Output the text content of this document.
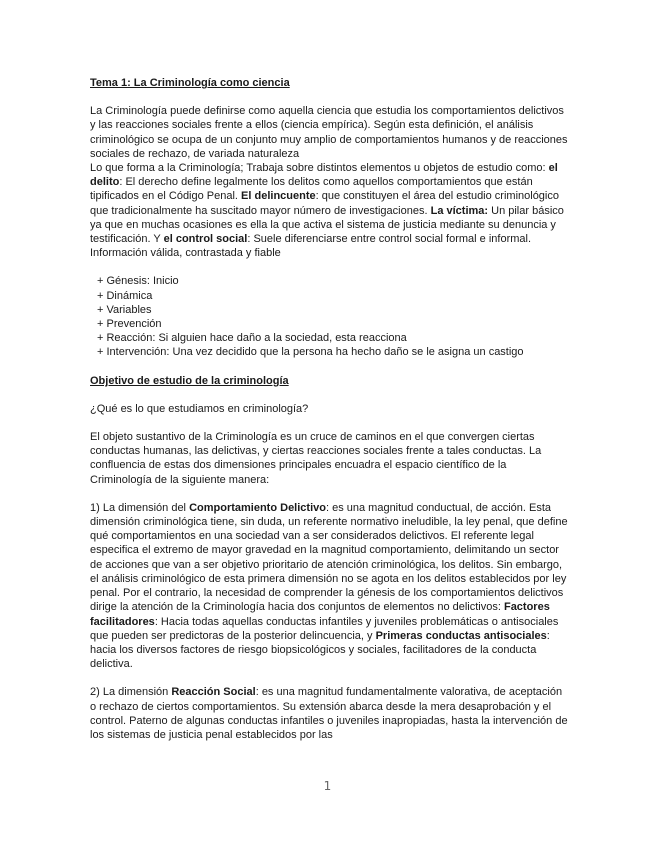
Tema 1: La Criminología como ciencia

La Criminología puede definirse como aquella ciencia que estudia los comportamientos delictivos y las reacciones sociales frente a ellos (ciencia empírica). Según esta definición, el análisis criminológico se ocupa de un conjunto muy amplio de comportamientos humanos y de reacciones sociales de rechazo, de variada naturaleza

Lo que forma a la Criminología; Trabaja sobre distintos elementos u objetos de estudio como: el delito: El derecho define legalmente los delitos como aquellos comportamientos que están tipificados en el Código Penal. El delincuente: que constituyen el área del estudio criminológico que tradicionalmente ha suscitado mayor número de investigaciones. La víctima: Un pilar básico ya que en muchas ocasiones es ella la que activa el sistema de justicia mediante su denuncia y testificación. Y el control social: Suele diferenciarse entre control social formal e informal. Información válida, contrastada y fiable

+ Génesis: Inicio
+ Dinámica
+ Variables
+ Prevención
+ Reacción: Si alguien hace daño a la sociedad, esta reacciona
+ Intervención: Una vez decidido que la persona ha hecho daño se le asigna un castigo

Objetivo de estudio de la criminología

¿Qué es lo que estudiamos en criminología?

El objeto sustantivo de la Criminología es un cruce de caminos en el que convergen ciertas conductas humanas, las delictivas, y ciertas reacciones sociales frente a tales conductas. La confluencia de estas dos dimensiones principales encuadra el espacio científico de la Criminología de la siguiente manera:

1) La dimensión del Comportamiento Delictivo: es una magnitud conductual, de acción. Esta dimensión criminológica tiene, sin duda, un referente normativo ineludible, la ley penal, que define qué comportamientos en una sociedad van a ser considerados delictivos. El referente legal especifica el extremo de mayor gravedad en la magnitud comportamiento, delimitando un sector de acciones que van a ser objetivo prioritario de atención criminológica, los delitos. Sin embargo, el análisis criminológico de esta primera dimensión no se agota en los delitos establecidos por ley penal. Por el contrario, la necesidad de comprender la génesis de los comportamientos delictivos dirige la atención de la Criminología hacia dos conjuntos de elementos no delictivos: Factores facilitadores: Hacia todas aquellas conductas infantiles y juveniles problemáticas o antisociales que pueden ser predictoras de la posterior delincuencia, y Primeras conductas antisociales: hacia los diversos factores de riesgo biopsicológicos y sociales, facilitadores de la conducta delictiva.

2) La dimensión Reacción Social: es una magnitud fundamentalmente valorativa, de aceptación o rechazo de ciertos comportamientos. Su extensión abarca desde la mera desaprobación y el control. Paterno de algunas conductas infantiles o juveniles inapropiadas, hasta la intervención de los sistemas de justicia penal establecidos por las

1
